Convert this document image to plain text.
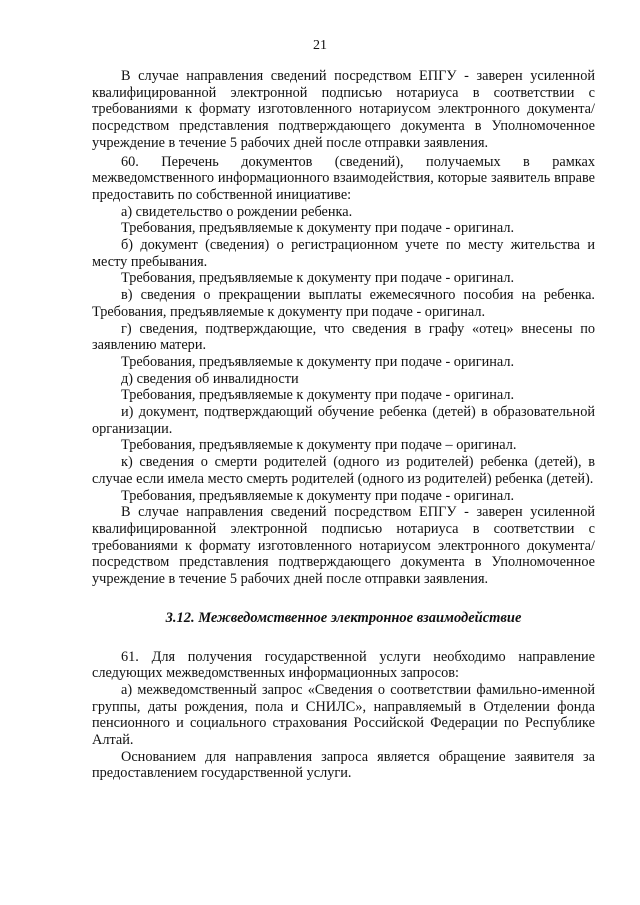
21

В случае направления сведений посредством ЕПГУ - заверен усиленной квалифицированной электронной подписью нотариуса в соответствии с требованиями к формату изготовленного нотариусом электронного документа/посредством представления подтверждающего документа в Уполномоченное учреждение в течение 5 рабочих дней после отправки заявления.

60. Перечень документов (сведений), получаемых в рамках межведомственного информационного взаимодействия, которые заявитель вправе предоставить по собственной инициативе:

а) свидетельство о рождении ребенка.

Требования, предъявляемые к документу при подаче - оригинал.

б) документ (сведения) о регистрационном учете по месту жительства и месту пребывания.

Требования, предъявляемые к документу при подаче - оригинал.

в) сведения о прекращении выплаты ежемесячного пособия на ребенка. Требования, предъявляемые к документу при подаче - оригинал.

г) сведения, подтверждающие, что сведения в графу «отец» внесены по заявлению матери.

Требования, предъявляемые к документу при подаче - оригинал.

д) сведения об инвалидности

Требования, предъявляемые к документу при подаче - оригинал.

и) документ, подтверждающий обучение ребенка (детей) в образовательной организации.

Требования, предъявляемые к документу при подаче – оригинал.

к) сведения о смерти родителей (одного из родителей) ребенка (детей), в случае если имела место смерть родителей (одного из родителей) ребенка (детей).

Требования, предъявляемые к документу при подаче - оригинал.

В случае направления сведений посредством ЕПГУ - заверен усиленной квалифицированной электронной подписью нотариуса в соответствии с требованиями к формату изготовленного нотариусом электронного документа/посредством представления подтверждающего документа в Уполномоченное учреждение в течение 5 рабочих дней после отправки заявления.

3.12. Межведомственное электронное взаимодействие

61. Для получения государственной услуги необходимо направление следующих межведомственных информационных запросов:

а) межведомственный запрос «Сведения о соответствии фамильно-именной группы, даты рождения, пола и СНИЛС», направляемый в Отделении фонда пенсионного и социального страхования Российской Федерации по Республике Алтай.

Основанием для направления запроса является обращение заявителя за предоставлением государственной услуги.
